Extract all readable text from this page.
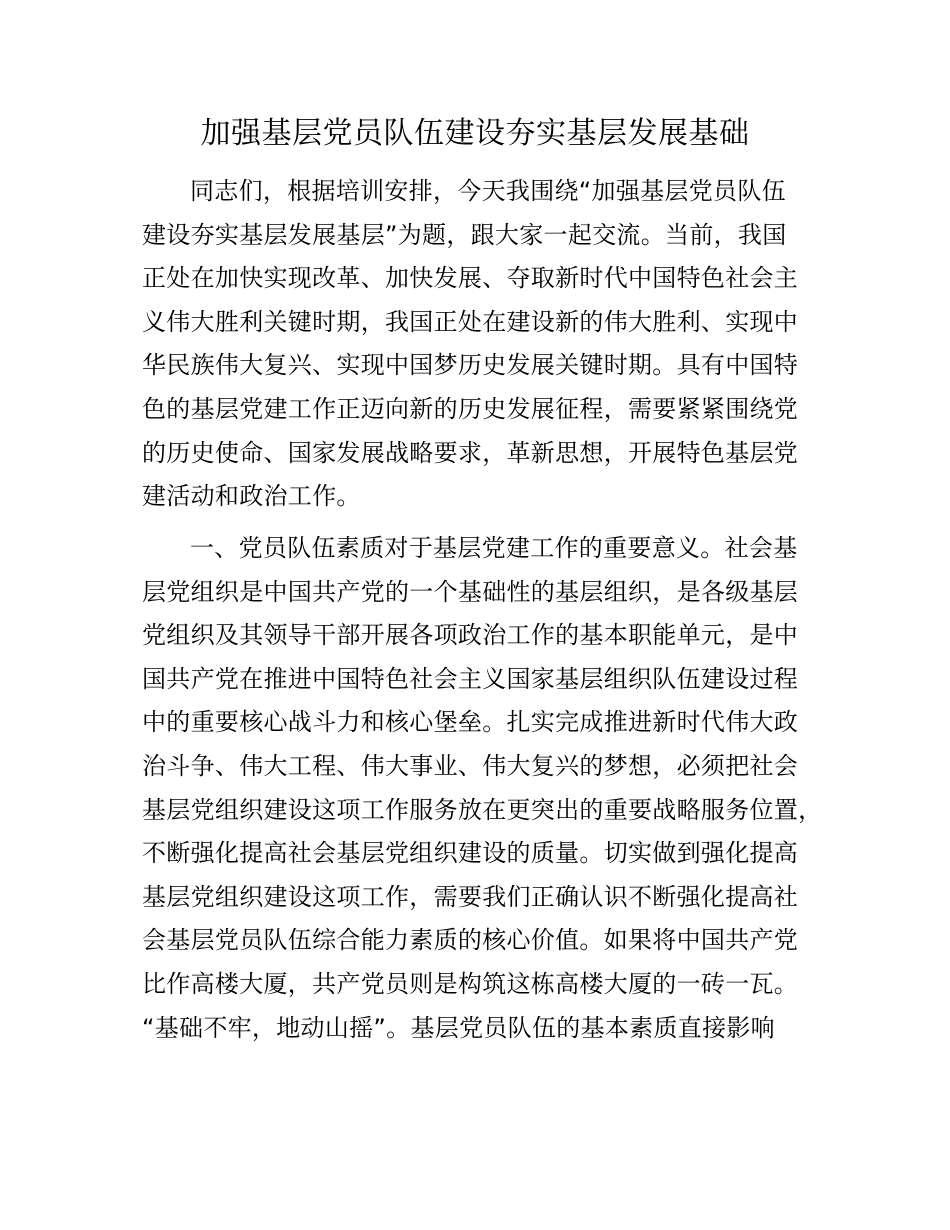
加强基层党员队伍建设夯实基层发展基础
同志们，根据培训安排，今天我围绕“加强基层党员队伍
建设夯实基层发展基层”为题，跟大家一起交流。当前，我国
正处在加快实现改革、加快发展、夺取新时代中国特色社会主
义伟大胜利关键时期，我国正处在建设新的伟大胜利、实现中
华民族伟大复兴、实现中国梦历史发展关键时期。具有中国特
色的基层党建工作正迈向新的历史发展征程，需要紧紧围绕党
的历史使命、国家发展战略要求，革新思想，开展特色基层党
建活动和政治工作。
一、党员队伍素质对于基层党建工作的重要意义。社会基
层党组织是中国共产党的一个基础性的基层组织，是各级基层
党组织及其领导干部开展各项政治工作的基本职能单元，是中
国共产党在推进中国特色社会主义国家基层组织队伍建设过程
中的重要核心战斗力和核心堡垒。扎实完成推进新时代伟大政
治斗争、伟大工程、伟大事业、伟大复兴的梦想，必须把社会
基层党组织建设这项工作服务放在更突出的重要战略服务位置，
不断强化提高社会基层党组织建设的质量。切实做到强化提高
基层党组织建设这项工作，需要我们正确认识不断强化提高社
会基层党员队伍综合能力素质的核心价值。如果将中国共产党
比作高楼大厦，共产党员则是构筑这栋高楼大厦的一砖一瓦。
“基础不牢，地动山摇”。基层党员队伍的基本素质直接影响
